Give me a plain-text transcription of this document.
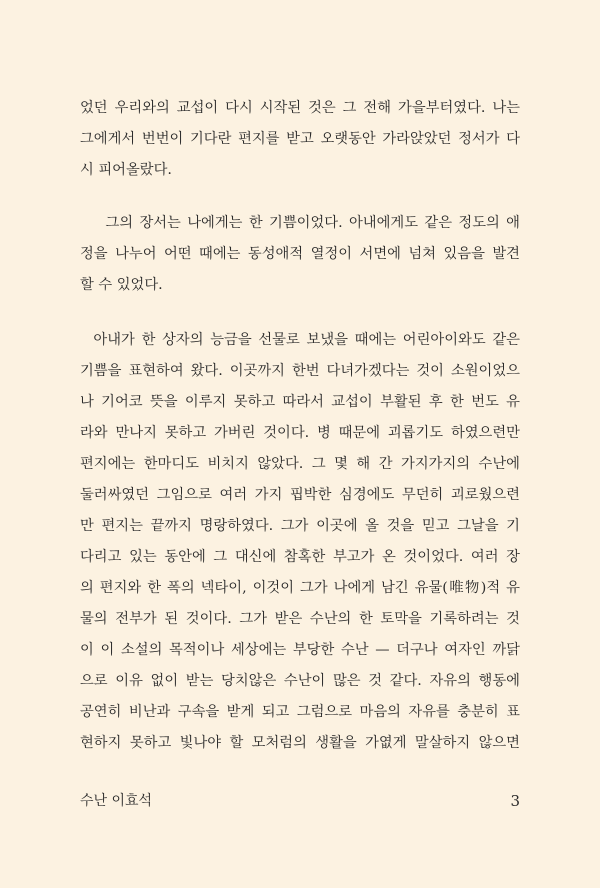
었던 우리와의 교섭이 다시 시작된 것은 그 전해 가을부터였다. 나는
그에게서 번번이 기다란 편지를 받고 오랫동안 가라앉았던 정서가 다
시 피어올랐다.
그의 장서는 나에게는 한 기쁨이었다. 아내에게도 같은 정도의 애
정을 나누어 어떤 때에는 동성애적 열정이 서면에 넘쳐 있음을 발견
할 수 있었다.
아내가 한 상자의 능금을 선물로 보냈을 때에는 어린아이와도 같은
기쁨을 표현하여 왔다. 이곳까지 한번 다녀가겠다는 것이 소원이었으
나 기어코 뜻을 이루지 못하고 따라서 교섭이 부활된 후 한 번도 유
라와 만나지 못하고 가버린 것이다. 병 때문에 괴롭기도 하였으련만
편지에는 한마디도 비치지 않았다. 그 몇 해 간 가지가지의 수난에
둘러싸였던 그임으로 여러 가지 핍박한 심경에도 무던히 괴로웠으련
만 편지는 끝까지 명랑하였다. 그가 이곳에 올 것을 믿고 그날을 기
다리고 있는 동안에 그 대신에 참혹한 부고가 온 것이었다. 여러 장
의 편지와 한 폭의 넥타이, 이것이 그가 나에게 남긴 유물(唯物)적 유
물의 전부가 된 것이다. 그가 받은 수난의 한 토막을 기록하려는 것
이 이 소설의 목적이나 세상에는 부당한 수난 — 더구나 여자인 까닭
으로 이유 없이 받는 당치않은 수난이 많은 것 같다. 자유의 행동에
공연히 비난과 구속을 받게 되고 그럼으로 마음의 자유를 충분히 표
현하지 못하고 빛나야 할 모처럼의 생활을 가엾게 말살하지 않으면
수난 이효석	3
